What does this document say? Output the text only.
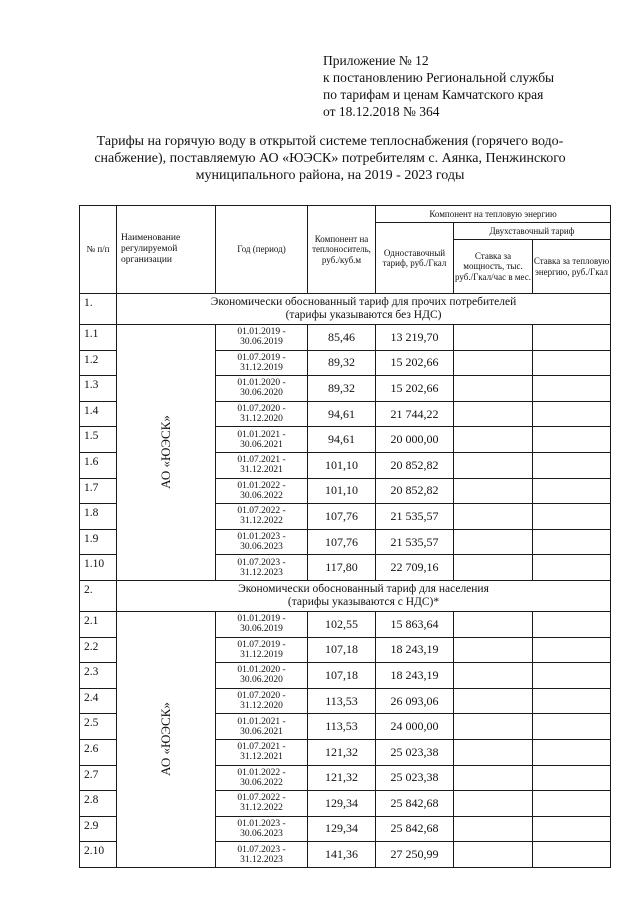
Приложение № 12
к постановлению Региональной службы
по тарифам и ценам Камчатского края
от 18.12.2018 № 364
Тарифы на горячую воду в открытой системе теплоснабжения (горячего водо-
снабжение), поставляемую АО «ЮЭСК» потребителям с. Аянка, Пенжинского
муниципального района, на 2019 - 2023 годы
№ п/п	Наименование регулируемой организации	Год (период)	Компонент на теплоноситель, руб./куб.м	Компонент на тепловую энергию		
				Одноставочный тариф, руб./Гкал	Двухставочный тариф	
					Ставка за мощность, тыс. руб./Гкал/час в мес.	Ставка за тепловую энергию, руб./Гкал
1.	Экономически обоснованный тариф для прочих потребителей
(тарифы указываются без НДС)					

1.1	АО «ЮЭСК»	01.01.2019 -
30.06.2019	85,46	13 219,70		
1.2		01.07.2019 -
31.12.2019	89,32	15 202,66		
1.3		01.01.2020 -
30.06.2020	89,32	15 202,66		
1.4		01.07.2020 -
31.12.2020	94,61	21 744,22		
1.5		01.01.2021 -
30.06.2021	94,61	20 000,00		
1.6		01.07.2021 -
31.12.2021	101,10	20 852,82		
1.7		01.01.2022 -
30.06.2022	101,10	20 852,82		
1.8		01.07.2022 -
31.12.2022	107,76	21 535,57		
1.9		01.01.2023 -
30.06.2023	107,76	21 535,57		
1.10		01.07.2023 -
31.12.2023	117,80	22 709,16		
2.	Экономически обоснованный тариф для населения
(тарифы указываются с НДС)*					

2.1	АО «ЮЭСК»	01.01.2019 -
30.06.2019	102,55	15 863,64		
2.2		01.07.2019 -
31.12.2019	107,18	18 243,19		
2.3		01.01.2020 -
30.06.2020	107,18	18 243,19		
2.4		01.07.2020 -
31.12.2020	113,53	26 093,06		
2.5		01.01.2021 -
30.06.2021	113,53	24 000,00		
2.6		01.07.2021 -
31.12.2021	121,32	25 023,38		
2.7		01.01.2022 -
30.06.2022	121,32	25 023,38		
2.8		01.07.2022 -
31.12.2022	129,34	25 842,68		
2.9		01.01.2023 -
30.06.2023	129,34	25 842,68		
2.10		01.07.2023 -
31.12.2023	141,36	27 250,99		
